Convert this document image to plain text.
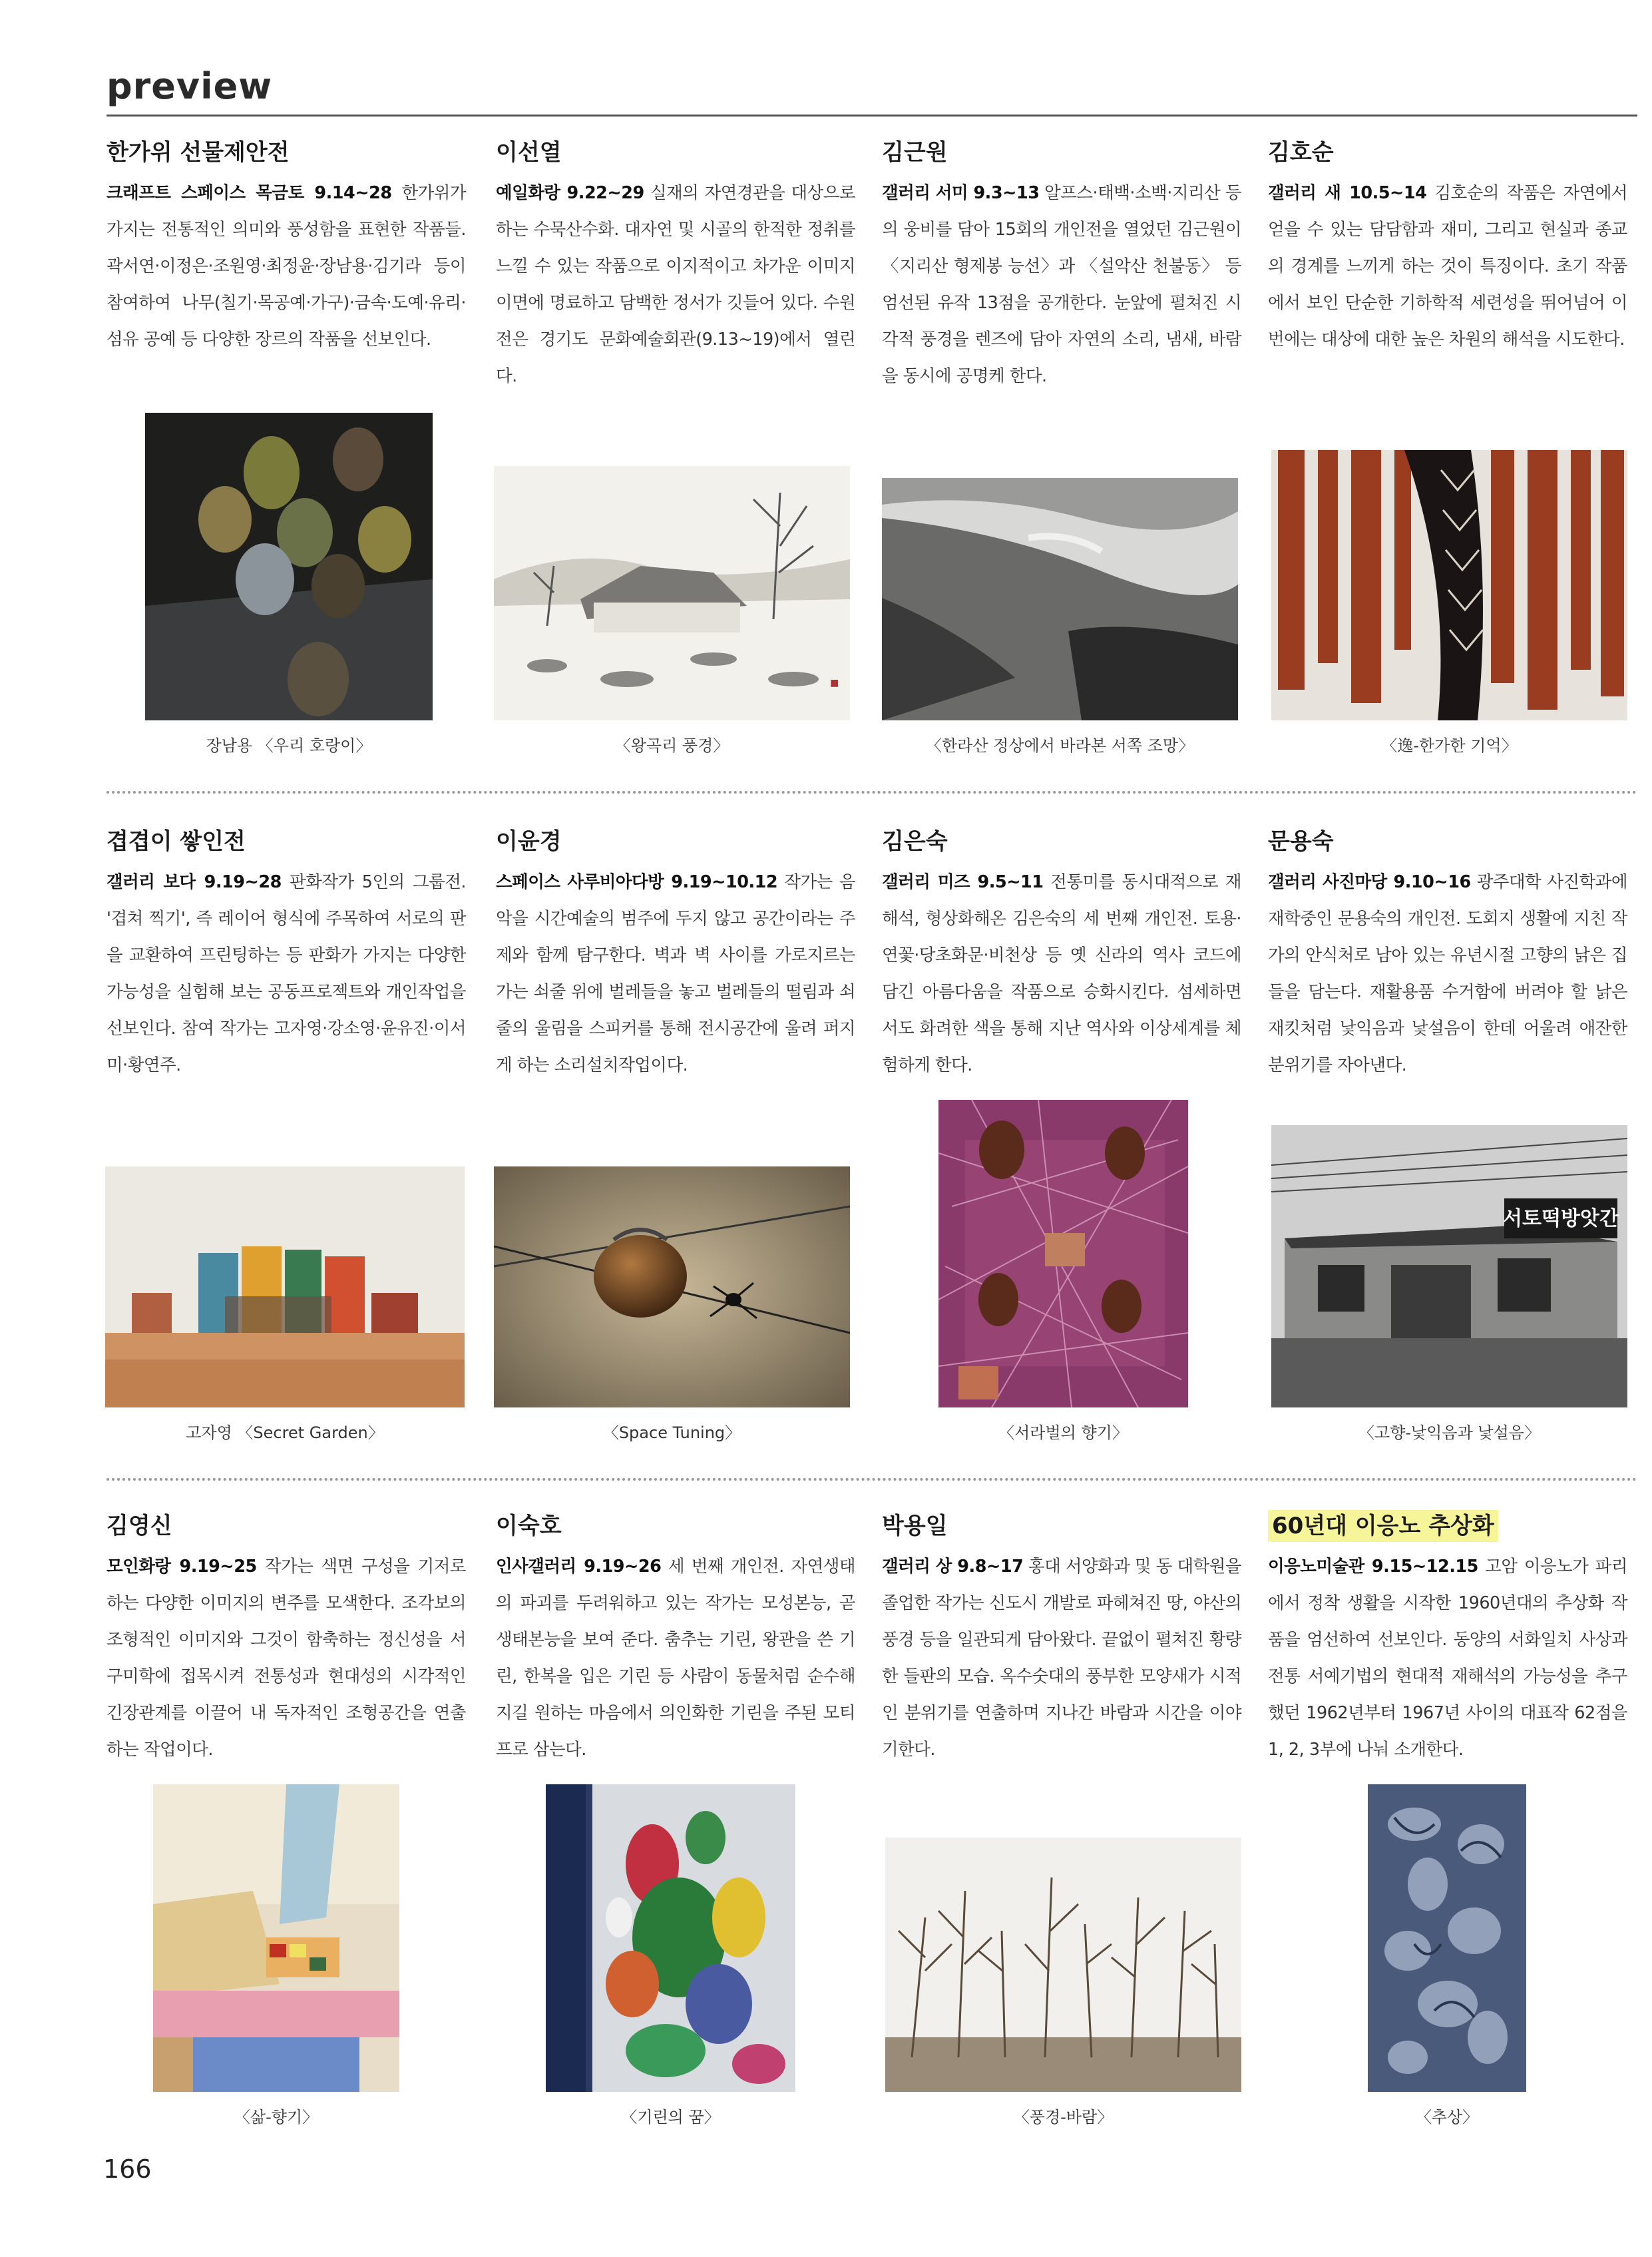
preview
한가위 선물제안전
크래프트 스페이스 목금토 9.14~28 한가위가 가지는 전통적인 의미와 풍성함을 표현한 작품들. 곽서연·이정은·조원영·최정윤·장남용·김기라 등이 참여하여 나무(칠기·목공예·가구)·금속·도예·유리·섬유 공예 등 다양한 장르의 작품을 선보인다.
이선열
예일화랑 9.22~29 실재의 자연경관을 대상으로 하는 수묵산수화. 대자연 및 시골의 한적한 정취를 느낄 수 있는 작품으로 이지적이고 차가운 이미지 이면에 명료하고 담백한 정서가 깃들어 있다. 수원전은 경기도 문화예술회관(9.13~19)에서 열린다.
김근원
갤러리 서미 9.3~13 알프스·태백·소백·지리산 등의 웅비를 담아 15회의 개인전을 열었던 김근원이 〈지리산 형제봉 능선〉과 〈설악산 천불동〉 등 엄선된 유작 13점을 공개한다. 눈앞에 펼쳐진 시각적 풍경을 렌즈에 담아 자연의 소리, 냄새, 바람을 동시에 공명케 한다.
김호순
갤러리 새 10.5~14 김호순의 작품은 자연에서 얻을 수 있는 담담함과 재미, 그리고 현실과 종교의 경계를 느끼게 하는 것이 특징이다. 초기 작품에서 보인 단순한 기하학적 세련성을 뛰어넘어 이번에는 대상에 대한 높은 차원의 해석을 시도한다.
■
장남용 〈우리 호랑이〉	〈왕곡리 풍경〉	〈한라산 정상에서 바라본 서쪽 조망〉	〈逸-한가한 기억〉
겹겹이 쌓인전
갤러리 보다 9.19~28 판화작가 5인의 그룹전. '겹쳐 찍기', 즉 레이어 형식에 주목하여 서로의 판을 교환하여 프린팅하는 등 판화가 가지는 다양한 가능성을 실험해 보는 공동프로젝트와 개인작업을 선보인다. 참여 작가는 고자영·강소영·윤유진·이서미·황연주.
이윤경
스페이스 사루비아다방 9.19~10.12 작가는 음악을 시간예술의 범주에 두지 않고 공간이라는 주제와 함께 탐구한다. 벽과 벽 사이를 가로지르는 가는 쇠줄 위에 벌레들을 놓고 벌레들의 떨림과 쇠줄의 울림을 스피커를 통해 전시공간에 울려 퍼지게 하는 소리설치작업이다.
김은숙
갤러리 미즈 9.5~11 전통미를 동시대적으로 재해석, 형상화해온 김은숙의 세 번째 개인전. 토용·연꽃·당초화문·비천상 등 옛 신라의 역사 코드에 담긴 아름다움을 작품으로 승화시킨다. 섬세하면서도 화려한 색을 통해 지난 역사와 이상세계를 체험하게 한다.
문용숙
갤러리 사진마당 9.10~16 광주대학 사진학과에 재학중인 문용숙의 개인전. 도회지 생활에 지친 작가의 안식처로 남아 있는 유년시절 고향의 낡은 집들을 담는다. 재활용품 수거함에 버려야 할 낡은 재킷처럼 낯익음과 낯설음이 한데 어울려 애잔한 분위기를 자아낸다.
서토떡방앗간
고자영 〈Secret Garden〉	〈Space Tuning〉	〈서라벌의 향기〉	〈고향-낯익음과 낯설음〉
김영신
모인화랑 9.19~25 작가는 색면 구성을 기저로 하는 다양한 이미지의 변주를 모색한다. 조각보의 조형적인 이미지와 그것이 함축하는 정신성을 서구미학에 접목시켜 전통성과 현대성의 시각적인 긴장관계를 이끌어 내 독자적인 조형공간을 연출하는 작업이다.
이숙호
인사갤러리 9.19~26 세 번째 개인전. 자연생태의 파괴를 두려워하고 있는 작가는 모성본능, 곧 생태본능을 보여 준다. 춤추는 기린, 왕관을 쓴 기린, 한복을 입은 기린 등 사람이 동물처럼 순수해지길 원하는 마음에서 의인화한 기린을 주된 모티프로 삼는다.
박용일
갤러리 상 9.8~17 홍대 서양화과 및 동 대학원을 졸업한 작가는 신도시 개발로 파헤쳐진 땅, 야산의 풍경 등을 일관되게 담아왔다. 끝없이 펼쳐진 황량한 들판의 모습. 옥수숫대의 풍부한 모양새가 시적인 분위기를 연출하며 지나간 바람과 시간을 이야기한다.
60년대 이응노 추상화
이응노미술관 9.15~12.15 고암 이응노가 파리에서 정착 생활을 시작한 1960년대의 추상화 작품을 엄선하여 선보인다. 동양의 서화일치 사상과 전통 서예기법의 현대적 재해석의 가능성을 추구했던 1962년부터 1967년 사이의 대표작 62점을 1, 2, 3부에 나눠 소개한다.
〈삶-향기〉	〈기린의 꿈〉	〈풍경-바람〉	〈추상〉
166
